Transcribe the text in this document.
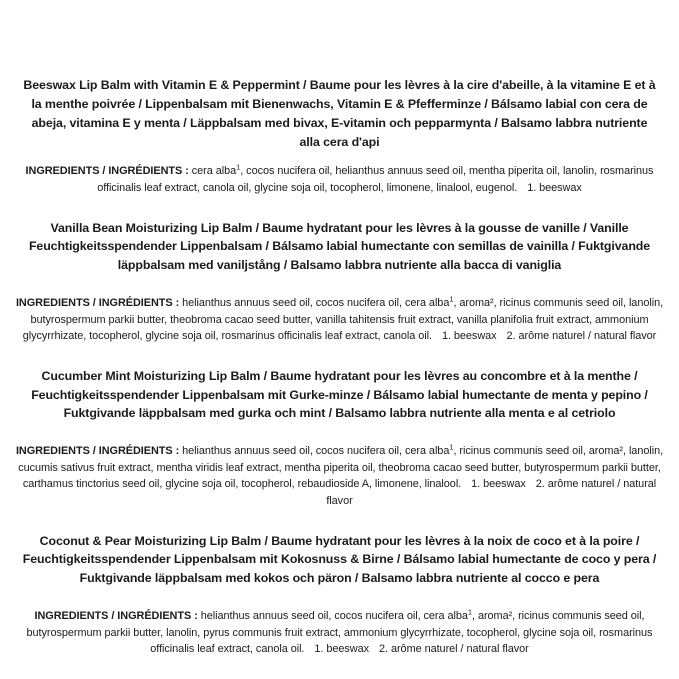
Beeswax Lip Balm with Vitamin E & Peppermint / Baume pour les lèvres à la cire d'abeille, à la vitamine E et à la menthe poivrée / Lippenbalsam mit Bienenwachs, Vitamin E & Pfefferminze / Bálsamo labial con cera de abeja, vitamina E y menta / Läppbalsam med bivax, E-vitamin och pepparmynta / Balsamo labbra nutriente alla cera d'api
INGREDIENTS / INGRÉDIENTS : cera alba$^1$, cocos nucifera oil, helianthus annuus seed oil, mentha piperita oil, lanolin, rosmarinus officinalis leaf extract, canola oil, glycine soja oil, tocopherol, limonene, linalool, eugenol. 1. beeswax
Vanilla Bean Moisturizing Lip Balm / Baume hydratant pour les lèvres à la gousse de vanille / Vanille Feuchtigkeitsspendender Lippenbalsam / Bálsamo labial humectante con semillas de vainilla / Fuktgivande läppbalsam med vaniljstång / Balsamo labbra nutriente alla bacca di vaniglia
INGREDIENTS / INGRÉDIENTS : helianthus annuus seed oil, cocos nucifera oil, cera alba$^1$, aroma², ricinus communis seed oil, lanolin, butyrospermum parkii butter, theobroma cacao seed butter, vanilla tahitensis fruit extract, vanilla planifolia fruit extract, ammonium glycyrrhizate, tocopherol, glycine soja oil, rosmarinus officinalis leaf extract, canola oil. 1. beeswax 2. arôme naturel / natural flavor
Cucumber Mint Moisturizing Lip Balm / Baume hydratant pour les lèvres au concombre et à la menthe / Feuchtigkeitsspendender Lippenbalsam mit Gurke-minze / Bálsamo labial humectante de menta y pepino / Fuktgivande läppbalsam med gurka och mint / Balsamo labbra nutriente alla menta e al cetriolo
INGREDIENTS / INGRÉDIENTS : helianthus annuus seed oil, cocos nucifera oil, cera alba$^1$, ricinus communis seed oil, aroma², lanolin, cucumis sativus fruit extract, mentha viridis leaf extract, mentha piperita oil, theobroma cacao seed butter, butyrospermum parkii butter, carthamus tinctorius seed oil, glycine soja oil, tocopherol, rebaudioside A, limonene, linalool. 1. beeswax 2. arôme naturel / natural flavor
Coconut & Pear Moisturizing Lip Balm / Baume hydratant pour les lèvres à la noix de coco et à la poire / Feuchtigkeitsspendender Lippenbalsam mit Kokosnuss & Birne / Bálsamo labial humectante de coco y pera / Fuktgivande läppbalsam med kokos och päron / Balsamo labbra nutriente al cocco e pera
INGREDIENTS / INGRÉDIENTS : helianthus annuus seed oil, cocos nucifera oil, cera alba$^1$, aroma², ricinus communis seed oil, butyrospermum parkii butter, lanolin, pyrus communis fruit extract, ammonium glycyrrhizate, tocopherol, glycine soja oil, rosmarinus officinalis leaf extract, canola oil. 1. beeswax 2. arôme naturel / natural flavor
